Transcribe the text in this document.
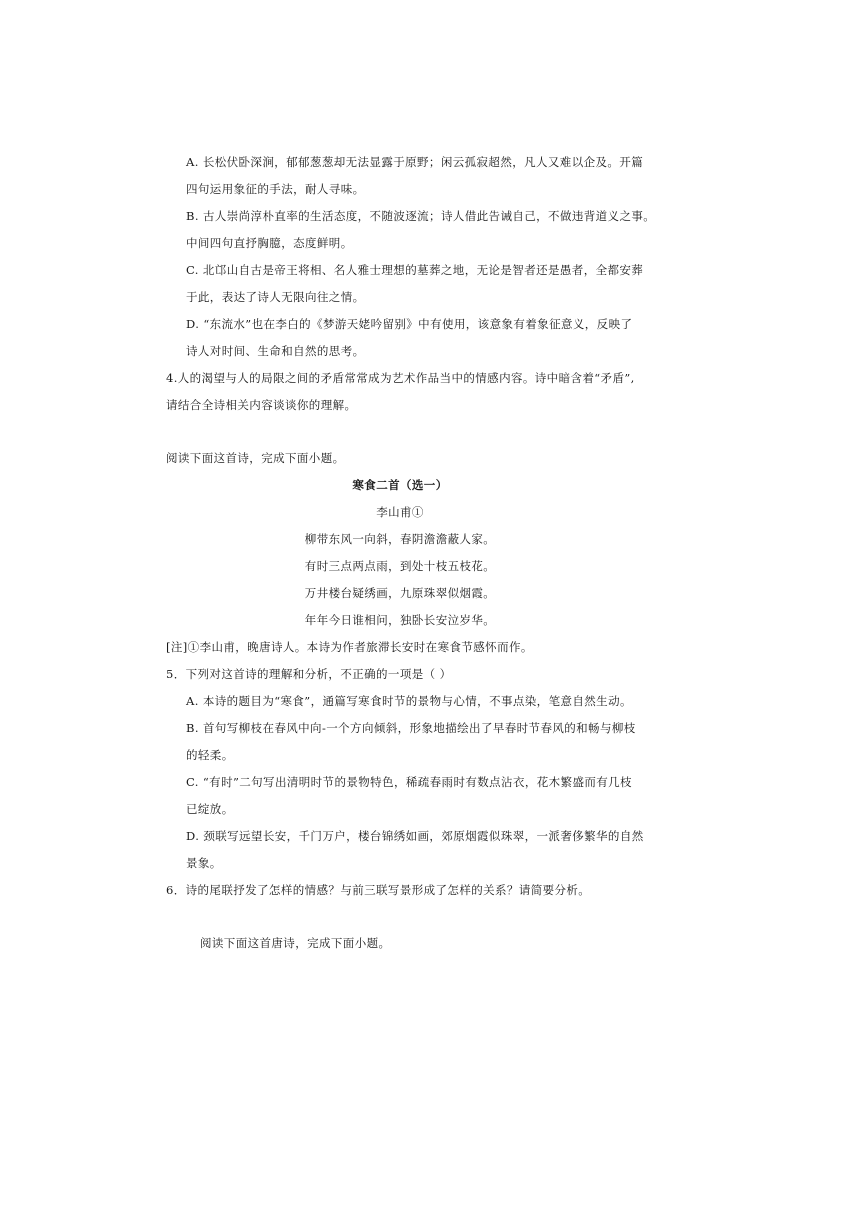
A. 长松伏卧深涧，郁郁葱葱却无法显露于原野；闲云孤寂超然，凡人又难以企及。开篇
四句运用象征的手法，耐人寻味。
B. 古人崇尚淳朴直率的生活态度，不随波逐流；诗人借此告诫自己，不做违背道义之事。
中间四句直抒胸臆，态度鲜明。
C. 北邙山自古是帝王将相、名人雅士理想的墓葬之地，无论是智者还是愚者，全都安葬
于此，表达了诗人无限向往之情。
D. “东流水”也在李白的《梦游天姥吟留别》中有使用，该意象有着象征意义，反映了
诗人对时间、生命和自然的思考。
4.人的渴望与人的局限之间的矛盾常常成为艺术作品当中的情感内容。诗中暗含着“矛盾”,
请结合全诗相关内容谈谈你的理解。
阅读下面这首诗，完成下面小题。
寒食二首（选一）
李山甫①
柳带东风一向斜，春阴澹澹蔽人家。
有时三点两点雨，到处十枝五枝花。
万井楼台疑绣画，九原珠翠似烟霞。
年年今日谁相问，独卧长安泣岁华。
[注]①李山甫，晚唐诗人。本诗为作者旅滞长安时在寒食节感怀而作。
5．下列对这首诗的理解和分析，不正确的一项是（ ）
A. 本诗的题目为“寒食”，通篇写寒食时节的景物与心情，不事点染，笔意自然生动。
B. 首句写柳枝在春风中向-一个方向倾斜，形象地描绘出了早春时节春风的和畅与柳枝
的轻柔。
C. “有时”二句写出清明时节的景物特色，稀疏春雨时有数点沾衣，花木繁盛而有几枝
已绽放。
D. 颈联写远望长安，千门万户，楼台锦绣如画，郊原烟霞似珠翠，一派奢侈繁华的自然
景象。
6．诗的尾联抒发了怎样的情感？与前三联写景形成了怎样的关系？请简要分析。
阅读下面这首唐诗，完成下面小题。
